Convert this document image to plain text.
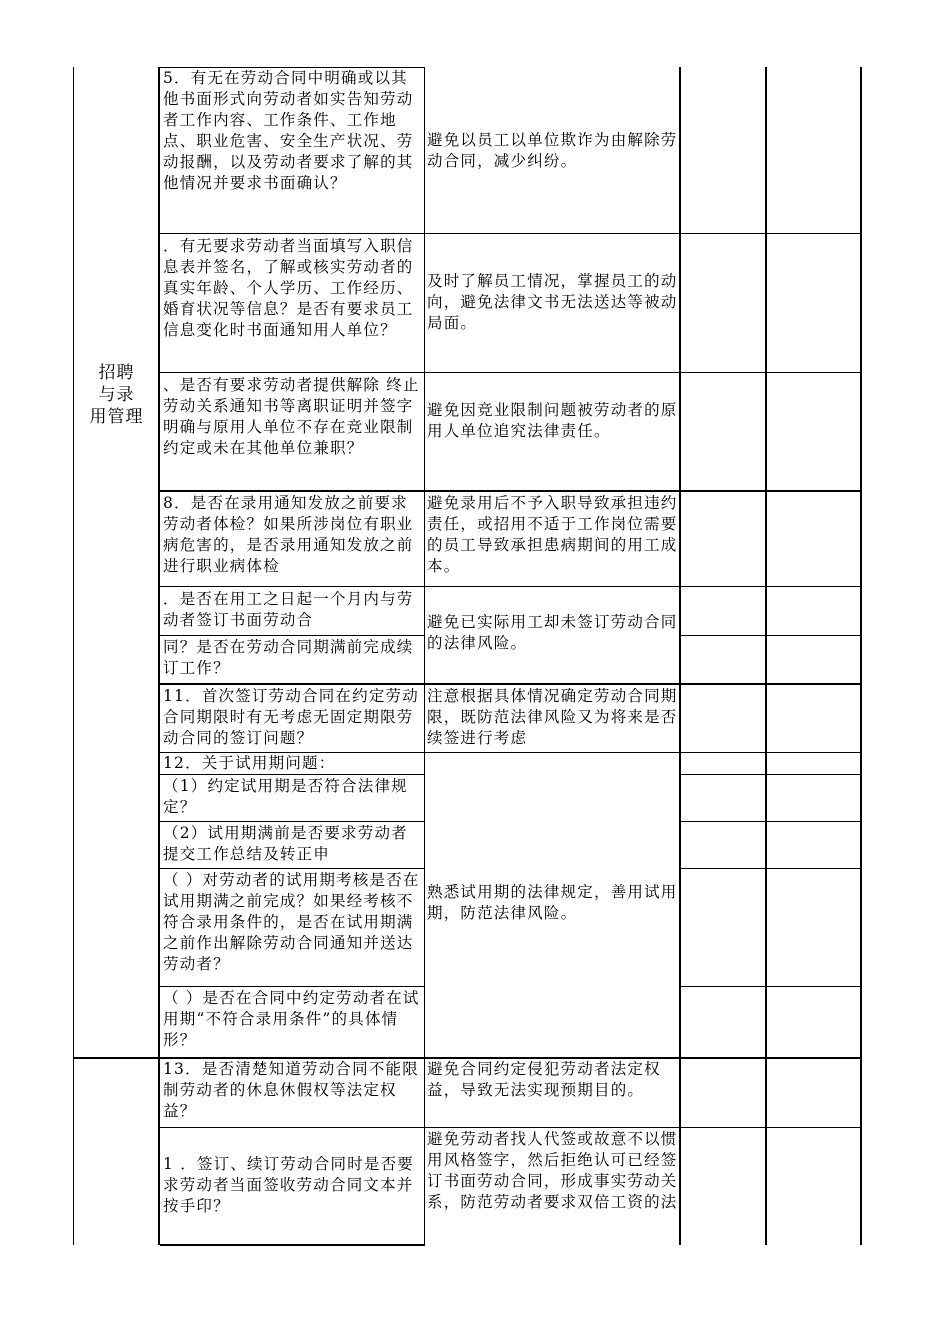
招聘
与录
用管理
5．有无在劳动合同中明确或以其他书面形式向劳动者如实告知劳动者工作内容、工作条件、工作地点、职业危害、安全生产状况、劳动报酬，以及劳动者要求了解的其他情况并要求书面确认？
．有无要求劳动者当面填写入职信息表并签名，了解或核实劳动者的真实年龄、个人学历、工作经历、婚育状况等信息？是否有要求员工信息变化时书面通知用人单位？
、是否有要求劳动者提供解除 终止劳动关系通知书等离职证明并签字明确与原用人单位不存在竞业限制约定或未在其他单位兼职？
8．是否在录用通知发放之前要求劳动者体检？如果所涉岗位有职业病危害的，是否录用通知发放之前进行职业病体检
．是否在用工之日起一个月内与劳动者签订书面劳动合
同？是否在劳动合同期满前完成续订工作？
11．首次签订劳动合同在约定劳动合同期限时有无考虑无固定期限劳动合同的签订问题？
12．关于试用期问题：
（1）约定试用期是否符合法律规定？
（2）试用期满前是否要求劳动者提交工作总结及转正申
（ ）对劳动者的试用期考核是否在试用期满之前完成？如果经考核不符合录用条件的，是否在试用期满之前作出解除劳动合同通知并送达劳动者？
（ ）是否在合同中约定劳动者在试用期“不符合录用条件”的具体情形？
13．是否清楚知道劳动合同不能限制劳动者的休息休假权等法定权益？
1 ．签订、续订劳动合同时是否要求劳动者当面签收劳动合同文本并按手印？
避免以员工以单位欺诈为由解除劳动合同，减少纠纷。
及时了解员工情况，掌握员工的动向，避免法律文书无法送达等被动局面。
避免因竞业限制问题被劳动者的原用人单位追究法律责任。
避免录用后不予入职导致承担违约责任，或招用不适于工作岗位需要的员工导致承担患病期间的用工成本。
避免已实际用工却未签订劳动合同的法律风险。
注意根据具体情况确定劳动合同期限，既防范法律风险又为将来是否续签进行考虑
熟悉试用期的法律规定，善用试用期，防范法律风险。
避免合同约定侵犯劳动者法定权益，导致无法实现预期目的。
避免劳动者找人代签或故意不以惯用风格签字，然后拒绝认可已经签订书面劳动合同，形成事实劳动关系，防范劳动者要求双倍工资的法
